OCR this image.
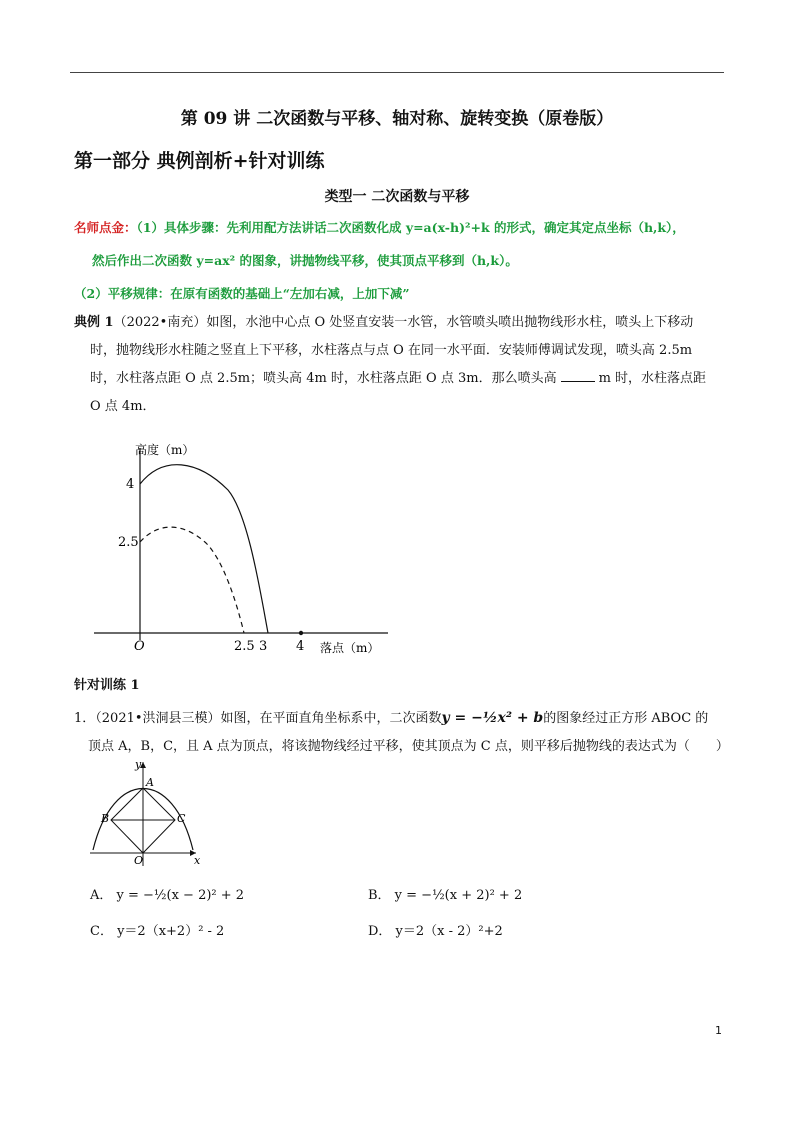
第 09 讲 二次函数与平移、轴对称、旋转变换（原卷版）
第一部分 典例剖析+针对训练
类型一 二次函数与平移
名师点金：（1）具体步骤：先利用配方法讲话二次函数化成 y=a(x-h)²+k 的形式，确定其定点坐标（h,k），
然后作出二次函数 y=ax² 的图象，讲抛物线平移，使其顶点平移到（h,k）。
（2）平移规律：在原有函数的基础上“左加右减，上加下减”
典例 1（2022•南充）如图，水池中心点 O 处竖直安装一水管，水管喷头喷出抛物线形水柱，喷头上下移动
时，抛物线形水柱随之竖直上下平移，水柱落点与点 O 在同一水平面．安装师傅调试发现，喷头高 2.5m
时，水柱落点距 O 点 2.5m；喷头高 4m 时，水柱落点距 O 点 3m．那么喷头高	m 时，水柱落点距
O 点 4m．
高度（m）
4
2.5
O	2.5 3 4 落点（m）
针对训练 1
1．（2021•洪洞县三模）如图，在平面直角坐标系中，二次函数y = −½x² + b的图象经过正方形 ABOC 的
顶点 A，B，C，且 A 点为顶点，将该抛物线经过平移，使其顶点为 C 点，则平移后抛物线的表达式为（　　）
y
A
B	C
O	x
A． y = −½(x − 2)² + 2	B． y = −½(x + 2)² + 2
C． y＝2（x+2）² - 2	D． y＝2（x - 2）²+2
1
